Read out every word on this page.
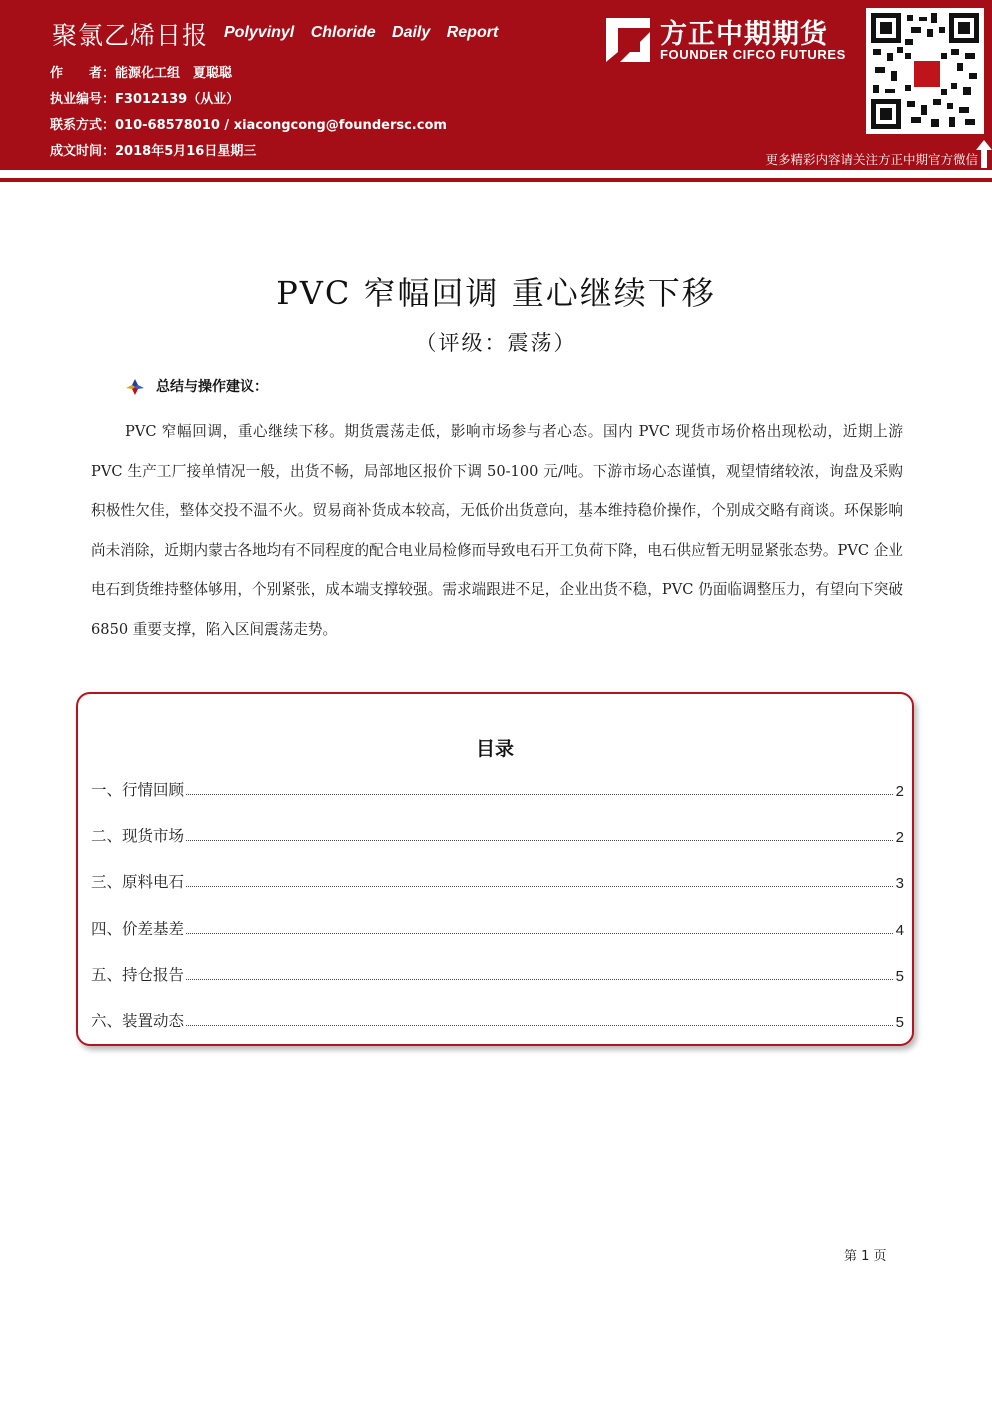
聚氯乙烯日报 Polyvinyl Chloride Daily Report
作　　者：能源化工组　夏聪聪
执业编号：F3012139（从业）
联系方式：010-68578010 / xiacongcong@foundersc.com
成文时间：2018年5月16日星期三
方正中期期货
FOUNDER CIFCO FUTURES
更多精彩内容请关注方正中期官方微信
PVC 窄幅回调 重心继续下移
（评级：震荡）
总结与操作建议：
PVC 窄幅回调，重心继续下移。期货震荡走低，影响市场参与者心态。国内 PVC 现货市场价格出现松动，近期上游 PVC 生产工厂接单情况一般，出货不畅，局部地区报价下调 50-100 元/吨。下游市场心态谨慎，观望情绪较浓，询盘及采购积极性欠佳，整体交投不温不火。贸易商补货成本较高，无低价出货意向，基本维持稳价操作，个别成交略有商谈。环保影响尚未消除，近期内蒙古各地均有不同程度的配合电业局检修而导致电石开工负荷下降，电石供应暂无明显紧张态势。PVC 企业电石到货维持整体够用，个别紧张，成本端支撑较强。需求端跟进不足，企业出货不稳，PVC 仍面临调整压力，有望向下突破 6850 重要支撑，陷入区间震荡走势。
目录
一、行情回顾	2
二、现货市场	2
三、原料电石	3
四、价差基差	4
五、持仓报告	5
六、装置动态	5
第 1 页
